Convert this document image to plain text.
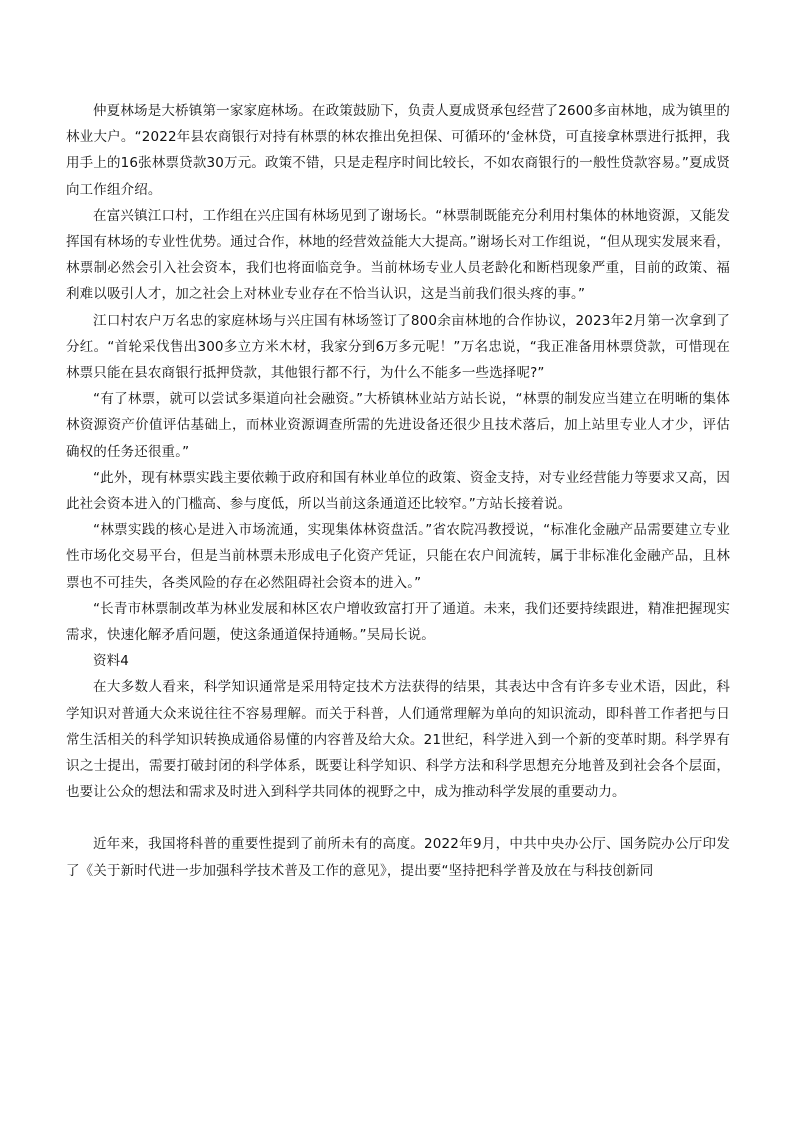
仲夏林场是大桥镇第一家家庭林场。在政策鼓励下，负责人夏成贤承包经营了2600多亩林地，成为镇里的林业大户。“2022年县农商银行对持有林票的林农推出免担保、可循环的‘金林贷，可直接拿林票进行抵押，我用手上的16张林票贷款30万元。政策不错，只是走程序时间比较长，不如农商银行的一般性贷款容易。”夏成贤向工作组介绍。

在富兴镇江口村，工作组在兴庄国有林场见到了谢场长。“林票制既能充分利用村集体的林地资源，又能发挥国有林场的专业性优势。通过合作，林地的经营效益能大大提高。”谢场长对工作组说，“但从现实发展来看，林票制必然会引入社会资本，我们也将面临竞争。当前林场专业人员老龄化和断档现象严重，目前的政策、福利难以吸引人才，加之社会上对林业专业存在不恰当认识，这是当前我们很头疼的事。”

江口村农户万名忠的家庭林场与兴庄国有林场签订了800余亩林地的合作协议，2023年2月第一次拿到了分红。“首轮采伐售出300多立方米木材，我家分到6万多元呢！”万名忠说，“我正准备用林票贷款，可惜现在林票只能在县农商银行抵押贷款，其他银行都不行，为什么不能多一些选择呢?”

“有了林票，就可以尝试多渠道向社会融资。”大桥镇林业站方站长说，“林票的制发应当建立在明晰的集体林资源资产价值评估基础上，而林业资源调查所需的先进设备还很少且技术落后，加上站里专业人才少，评估确权的任务还很重。”

“此外，现有林票实践主要依赖于政府和国有林业单位的政策、资金支持，对专业经营能力等要求又高，因此社会资本进入的门槛高、参与度低，所以当前这条通道还比较窄。”方站长接着说。

“林票实践的核心是进入市场流通，实现集体林资盘活。”省农院冯教授说，“标准化金融产品需要建立专业性市场化交易平台，但是当前林票未形成电子化资产凭证，只能在农户间流转，属于非标准化金融产品，且林票也不可挂失，各类风险的存在必然阻碍社会资本的进入。”

“长青市林票制改革为林业发展和林区农户增收致富打开了通道。未来，我们还要持续跟进，精准把握现实需求，快速化解矛盾问题，使这条通道保持通畅。”吴局长说。

资料4

在大多数人看来，科学知识通常是采用特定技术方法获得的结果，其表达中含有许多专业术语，因此，科学知识对普通大众来说往往不容易理解。而关于科普，人们通常理解为单向的知识流动，即科普工作者把与日常生活相关的科学知识转换成通俗易懂的内容普及给大众。21世纪，科学进入到一个新的变革时期。科学界有识之士提出，需要打破封闭的科学体系，既要让科学知识、科学方法和科学思想充分地普及到社会各个层面，也要让公众的想法和需求及时进入到科学共同体的视野之中，成为推动科学发展的重要动力。

近年来，我国将科普的重要性提到了前所未有的高度。2022年9月，中共中央办公厅、国务院办公厅印发了《关于新时代进一步加强科学技术普及工作的意见》，提出要“坚持把科学普及放在与科技创新同
